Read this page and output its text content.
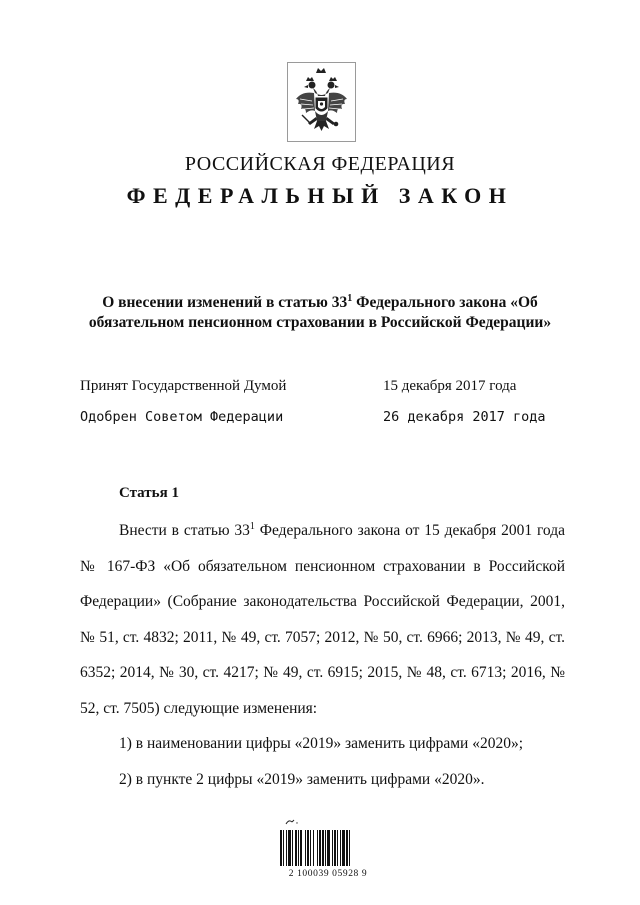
РОССИЙСКАЯ ФЕДЕРАЦИЯ
ФЕДЕРАЛЬНЫЙ ЗАКОН
О внесении изменений в статью $33^1$ Федерального закона «Об
обязательном пенсионном страховании в Российской Федерации»
Принят Государственной Думой	15 декабря 2017 года
Одобрен Советом Федерации	26 декабря 2017 года
Статья 1

Внести в статью $33^1$ Федерального закона от 15 декабря 2001 года № 167-ФЗ «Об обязательном пенсионном страховании в Российской Федерации» (Собрание законодательства Российской Федерации, 2001, № 51, ст. 4832; 2011, № 49, ст. 7057; 2012, № 50, ст. 6966; 2013, № 49, ст. 6352; 2014, № 30, ст. 4217; № 49, ст. 6915; 2015, № 48, ст. 6713; 2016, № 52, ст. 7505) следующие изменения:

1) в наименовании цифры «2019» заменить цифрами «2020»;

2) в пункте 2 цифры «2019» заменить цифрами «2020».

*
2 100039 05928 9
